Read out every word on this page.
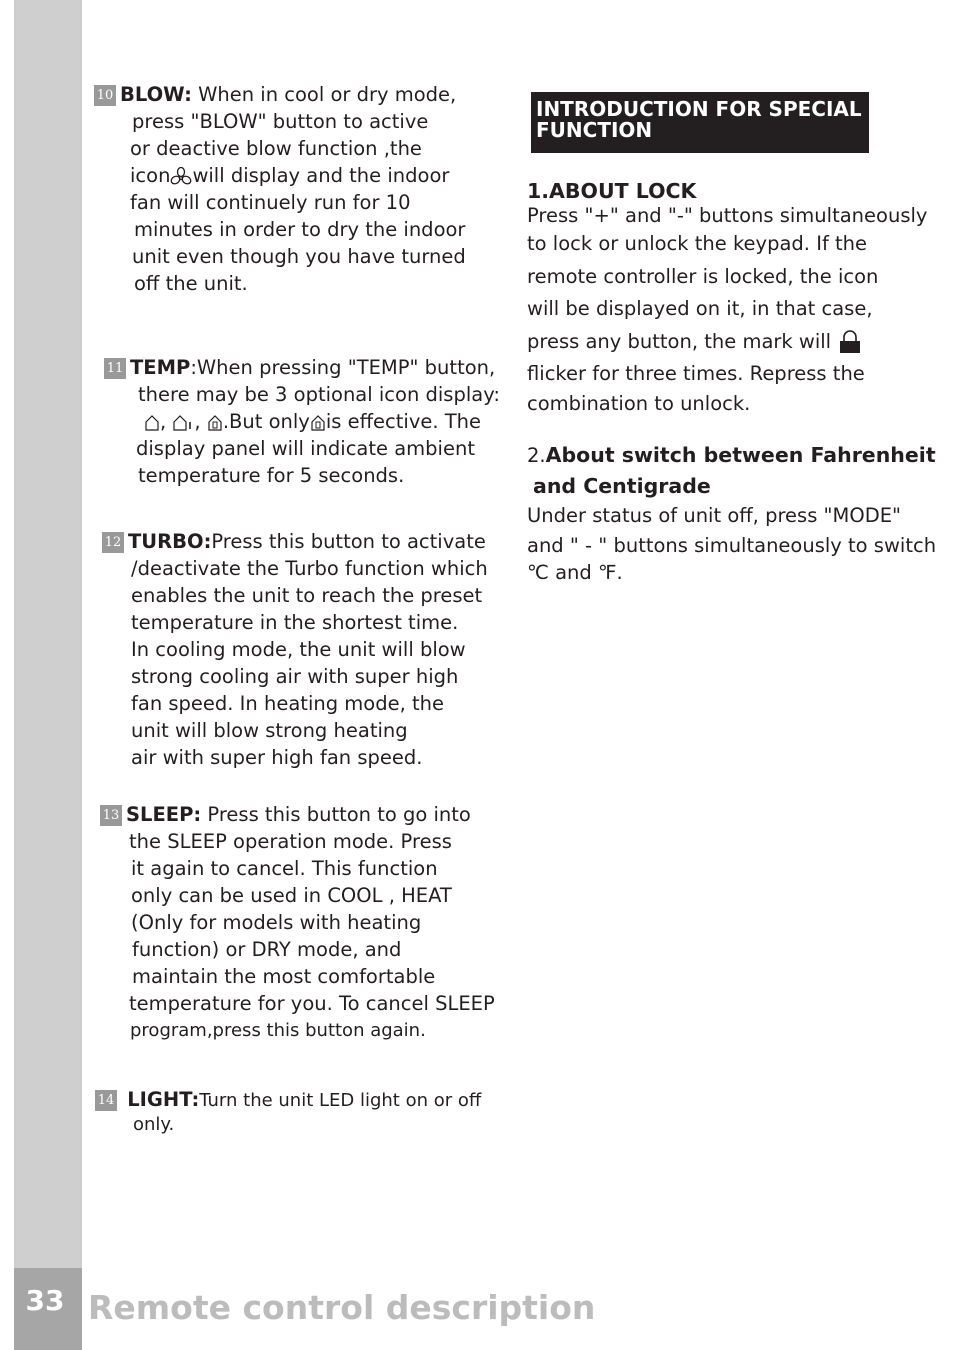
33 Remote control description

10 BLOW: When in cool or dry mode,

press "BLOW" button to active

or deactive blow function ,the

icon will display and the indoor

fan will continuely run for 10

minutes in order to dry the indoor

unit even though you have turned

off the unit.

11 TEMP:When pressing "TEMP" button,

there may be 3 optional icon display:

, , .But only is effective. The

display panel will indicate ambient

temperature for 5 seconds.

12 TURBO:Press this button to activate

/deactivate the Turbo function which

enables the unit to reach the preset

temperature in the shortest time.

In cooling mode, the unit will blow

strong cooling air with super high

fan speed. In heating mode, the

unit will blow strong heating

air with super high fan speed.

13 SLEEP: Press this button to go into

the SLEEP operation mode. Press

it again to cancel. This function

only can be used in COOL , HEAT

(Only for models with heating

function) or DRY mode, and

maintain the most comfortable

temperature for you. To cancel SLEEP

program,press this button again.

14 LIGHT:Turn the unit LED light on or off

only.

INTRODUCTION FOR SPECIAL FUNCTION

1.ABOUT LOCK

Press "+" and "-" buttons simultaneously

to lock or unlock the keypad. If the

remote controller is locked, the icon

will be displayed on it, in that case,

press any button, the mark will

flicker for three times. Repress the

combination to unlock.

2.About switch between Fahrenheit

and Centigrade

Under status of unit off, press "MODE"

and " - " buttons simultaneously to switch

℃ and ℉.
